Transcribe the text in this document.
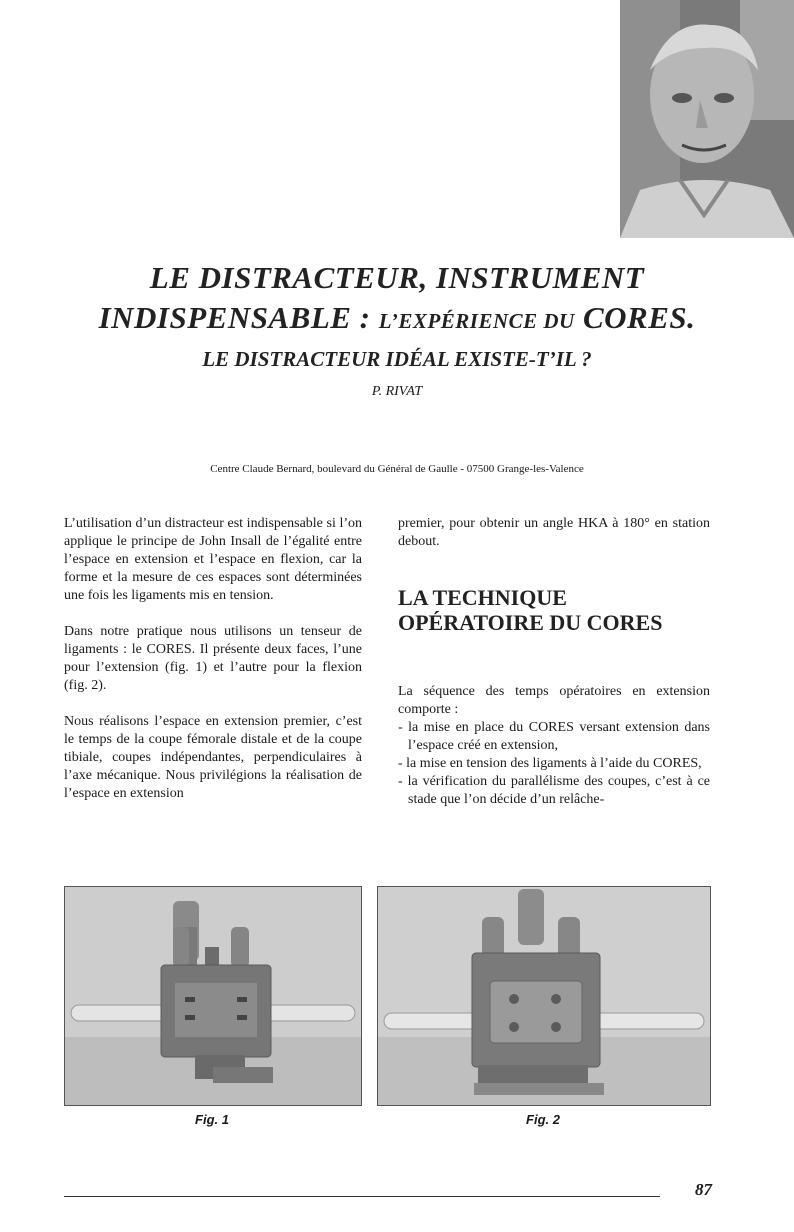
LE DISTRACTEUR, INSTRUMENT
INDISPENSABLE : L’EXPÉRIENCE DU CORES.
LE DISTRACTEUR IDÉAL EXISTE-T’IL ?
P. RIVAT
Centre Claude Bernard, boulevard du Général de Gaulle - 07500 Grange-les-Valence

L’utilisation d’un distracteur est indispensable si l’on applique le principe de John Insall de l’égalité entre l’espace en extension et l’espace en flexion, car la forme et la mesure de ces espaces sont déterminées une fois les ligaments mis en tension.

Dans notre pratique nous utilisons un tenseur de ligaments : le CORES. Il présente deux faces, l’une pour l’extension (fig. 1) et l’autre pour la flexion (fig. 2).

Nous réalisons l’espace en extension premier, c’est le temps de la coupe fémorale distale et de la coupe tibiale, coupes indépendantes, perpendiculaires à l’axe mécanique. Nous privilégions la réalisation de l’espace en extension

premier, pour obtenir un angle HKA à 180° en station debout.

LA TECHNIQUE
OPÉRATOIRE DU CORES

La séquence des temps opératoires en extension comporte :

- la mise en place du CORES versant extension dans l’espace créé en extension,
- la mise en tension des ligaments à l’aide du CORES,
- la vérification du parallélisme des coupes, c’est à ce stade que l’on décide d’un relâche-
Fig. 1	Fig. 2
87
